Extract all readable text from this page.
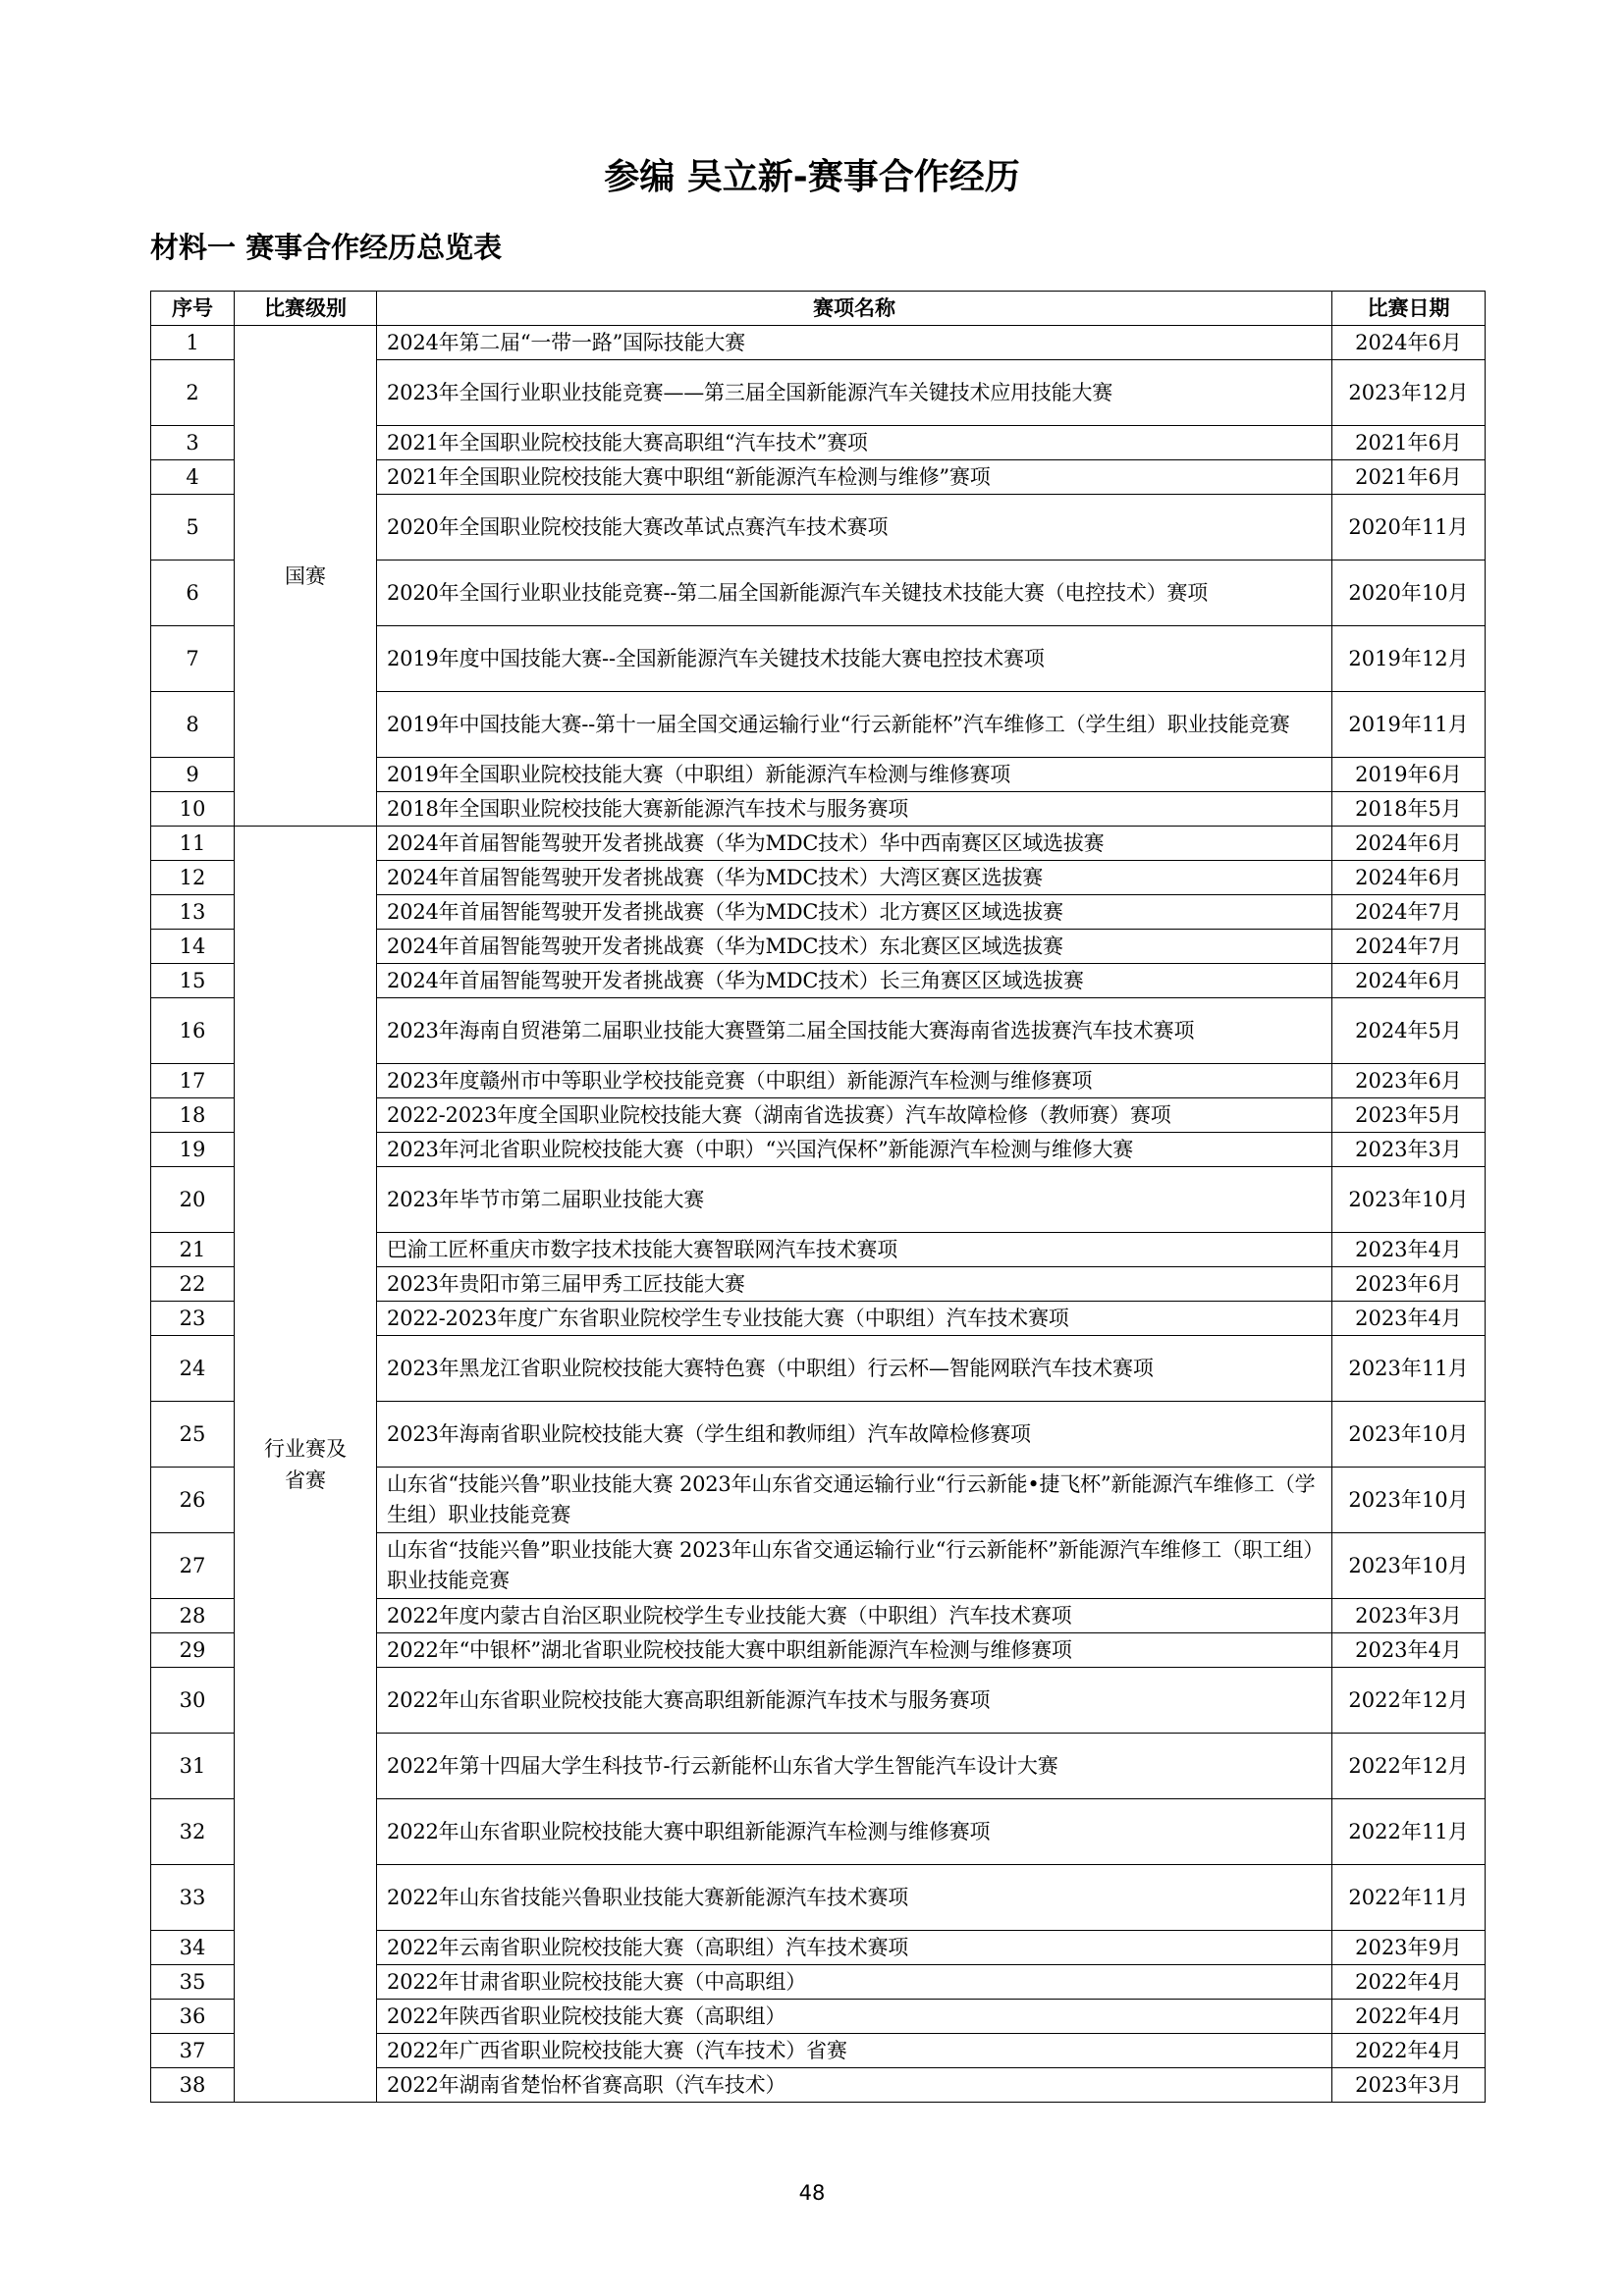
参编 吴立新-赛事合作经历
材料一 赛事合作经历总览表
序号	比赛级别	赛项名称	比赛日期
1	国赛	2024年第二届“一带一路”国际技能大赛	2024年6月
2		2023年全国行业职业技能竞赛——第三届全国新能源汽车关键技术应用技能大赛	2023年12月
3		2021年全国职业院校技能大赛高职组“汽车技术”赛项	2021年6月
4		2021年全国职业院校技能大赛中职组“新能源汽车检测与维修”赛项	2021年6月
5		2020年全国职业院校技能大赛改革试点赛汽车技术赛项	2020年11月
6		2020年全国行业职业技能竞赛--第二届全国新能源汽车关键技术技能大赛（电控技术）赛项	2020年10月
7		2019年度中国技能大赛--全国新能源汽车关键技术技能大赛电控技术赛项	2019年12月
8		2019年中国技能大赛--第十一届全国交通运输行业“行云新能杯”汽车维修工（学生组）职业技能竞赛	2019年11月
9		2019年全国职业院校技能大赛（中职组）新能源汽车检测与维修赛项	2019年6月
10		2018年全国职业院校技能大赛新能源汽车技术与服务赛项	2018年5月
11	行业赛及省赛	2024年首届智能驾驶开发者挑战赛（华为MDC技术）华中西南赛区区域选拔赛	2024年6月
12		2024年首届智能驾驶开发者挑战赛（华为MDC技术）大湾区赛区选拔赛	2024年6月
13		2024年首届智能驾驶开发者挑战赛（华为MDC技术）北方赛区区域选拔赛	2024年7月
14		2024年首届智能驾驶开发者挑战赛（华为MDC技术）东北赛区区域选拔赛	2024年7月
15		2024年首届智能驾驶开发者挑战赛（华为MDC技术）长三角赛区区域选拔赛	2024年6月
16		2023年海南自贸港第二届职业技能大赛暨第二届全国技能大赛海南省选拔赛汽车技术赛项	2024年5月
17		2023年度赣州市中等职业学校技能竞赛（中职组）新能源汽车检测与维修赛项	2023年6月
18		2022-2023年度全国职业院校技能大赛（湖南省选拔赛）汽车故障检修（教师赛）赛项	2023年5月
19		2023年河北省职业院校技能大赛（中职）“兴国汽保杯”新能源汽车检测与维修大赛	2023年3月
20		2023年毕节市第二届职业技能大赛	2023年10月
21		巴渝工匠杯重庆市数字技术技能大赛智联网汽车技术赛项	2023年4月
22		2023年贵阳市第三届甲秀工匠技能大赛	2023年6月
23		2022-2023年度广东省职业院校学生专业技能大赛（中职组）汽车技术赛项	2023年4月
24		2023年黑龙江省职业院校技能大赛特色赛（中职组）行云杯—智能网联汽车技术赛项	2023年11月
25		2023年海南省职业院校技能大赛（学生组和教师组）汽车故障检修赛项	2023年10月
26		山东省“技能兴鲁”职业技能大赛 2023年山东省交通运输行业“行云新能•捷飞杯”新能源汽车维修工（学生组）职业技能竞赛	2023年10月
27		山东省“技能兴鲁”职业技能大赛 2023年山东省交通运输行业“行云新能杯”新能源汽车维修工（职工组）职业技能竞赛	2023年10月
28		2022年度内蒙古自治区职业院校学生专业技能大赛（中职组）汽车技术赛项	2023年3月
29		2022年“中银杯”湖北省职业院校技能大赛中职组新能源汽车检测与维修赛项	2023年4月
30		2022年山东省职业院校技能大赛高职组新能源汽车技术与服务赛项	2022年12月
31		2022年第十四届大学生科技节-行云新能杯山东省大学生智能汽车设计大赛	2022年12月
32		2022年山东省职业院校技能大赛中职组新能源汽车检测与维修赛项	2022年11月
33		2022年山东省技能兴鲁职业技能大赛新能源汽车技术赛项	2022年11月
34		2022年云南省职业院校技能大赛（高职组）汽车技术赛项	2023年9月
35		2022年甘肃省职业院校技能大赛（中高职组）	2022年4月
36		2022年陕西省职业院校技能大赛（高职组）	2022年4月
37		2022年广西省职业院校技能大赛（汽车技术）省赛	2022年4月
38		2022年湖南省楚怡杯省赛高职（汽车技术）	2023年3月
48
